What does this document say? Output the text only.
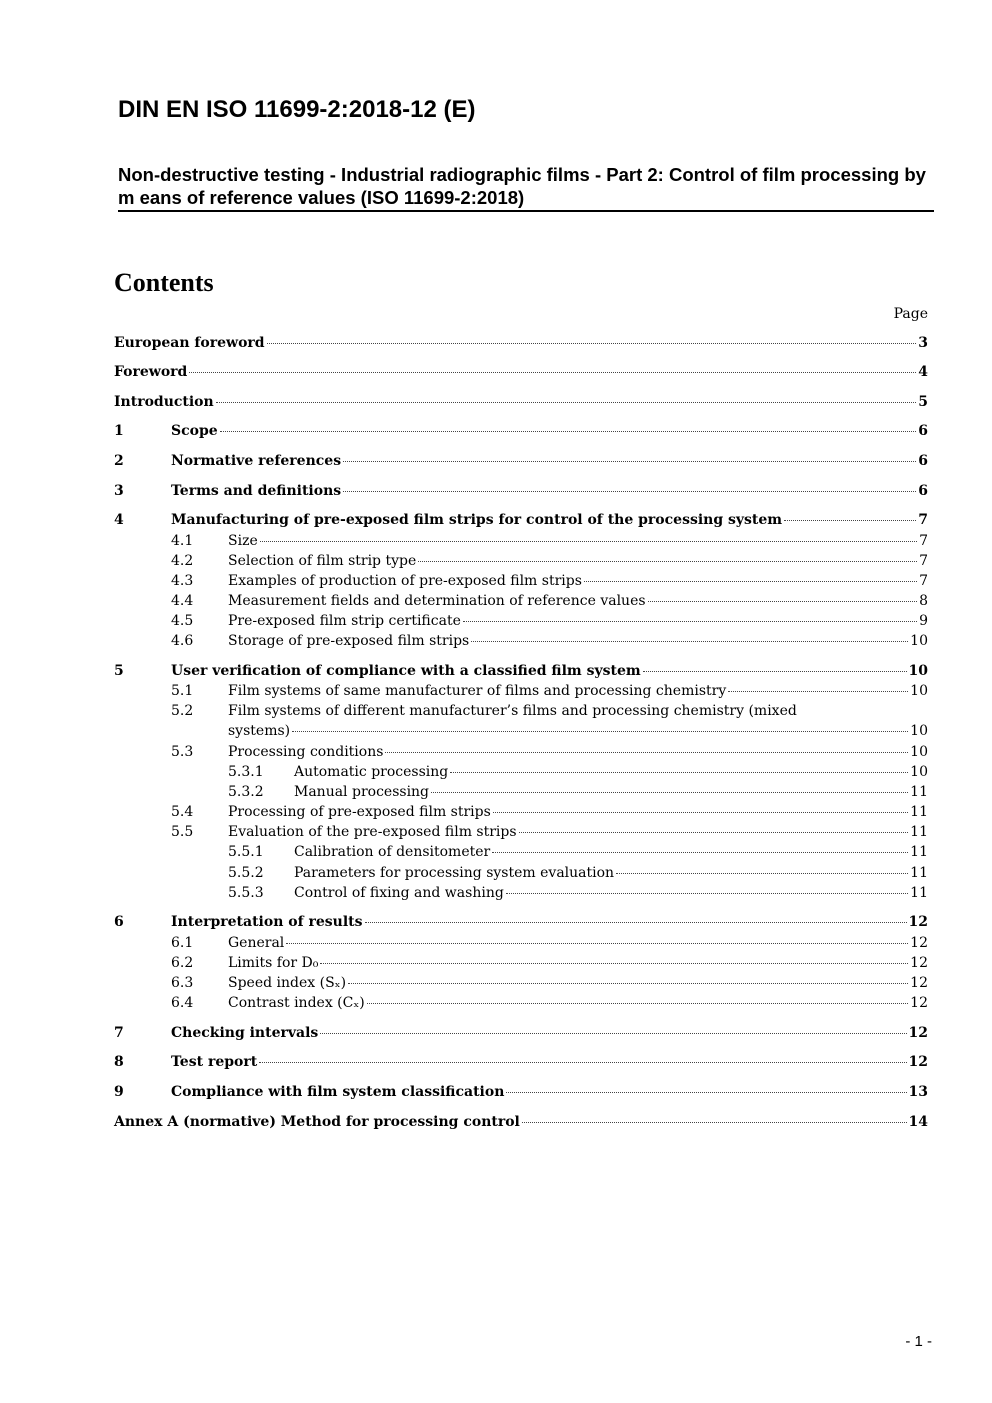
DIN EN ISO 11699-2:2018-12 (E)
Non-destructive testing - Industrial radiographic films - Part 2: Control of film processing by m eans of reference values (ISO 11699-2:2018)
Contents
Page
European foreword	3
Foreword	4
Introduction	5
1	Scope	6
2	Normative references	6
3	Terms and definitions	6
4	Manufacturing of pre-exposed film strips for control of the processing system	7
4.1	Size	7
4.2	Selection of film strip type	7
4.3	Examples of production of pre-exposed film strips	7
4.4	Measurement fields and determination of reference values	8
4.5	Pre-exposed film strip certificate	9
4.6	Storage of pre-exposed film strips	10
5	User verification of compliance with a classified film system	10
5.1	Film systems of same manufacturer of films and processing chemistry	10
5.2	Film systems of different manufacturer’s films and processing chemistry (mixed
systems)	10
5.3	Processing conditions	10
5.3.1	Automatic processing	10
5.3.2	Manual processing	11
5.4	Processing of pre-exposed film strips	11
5.5	Evaluation of the pre-exposed film strips	11
5.5.1	Calibration of densitometer	11
5.5.2	Parameters for processing system evaluation	11
5.5.3	Control of fixing and washing	11
6	Interpretation of results	12
6.1	General	12
6.2	Limits for D₀	12
6.3	Speed index (Sₓ)	12
6.4	Contrast index (Cₓ)	12
7	Checking intervals	12
8	Test report	12
9	Compliance with film system classification	13
Annex A (normative) Method for processing control	14
- 1 -
